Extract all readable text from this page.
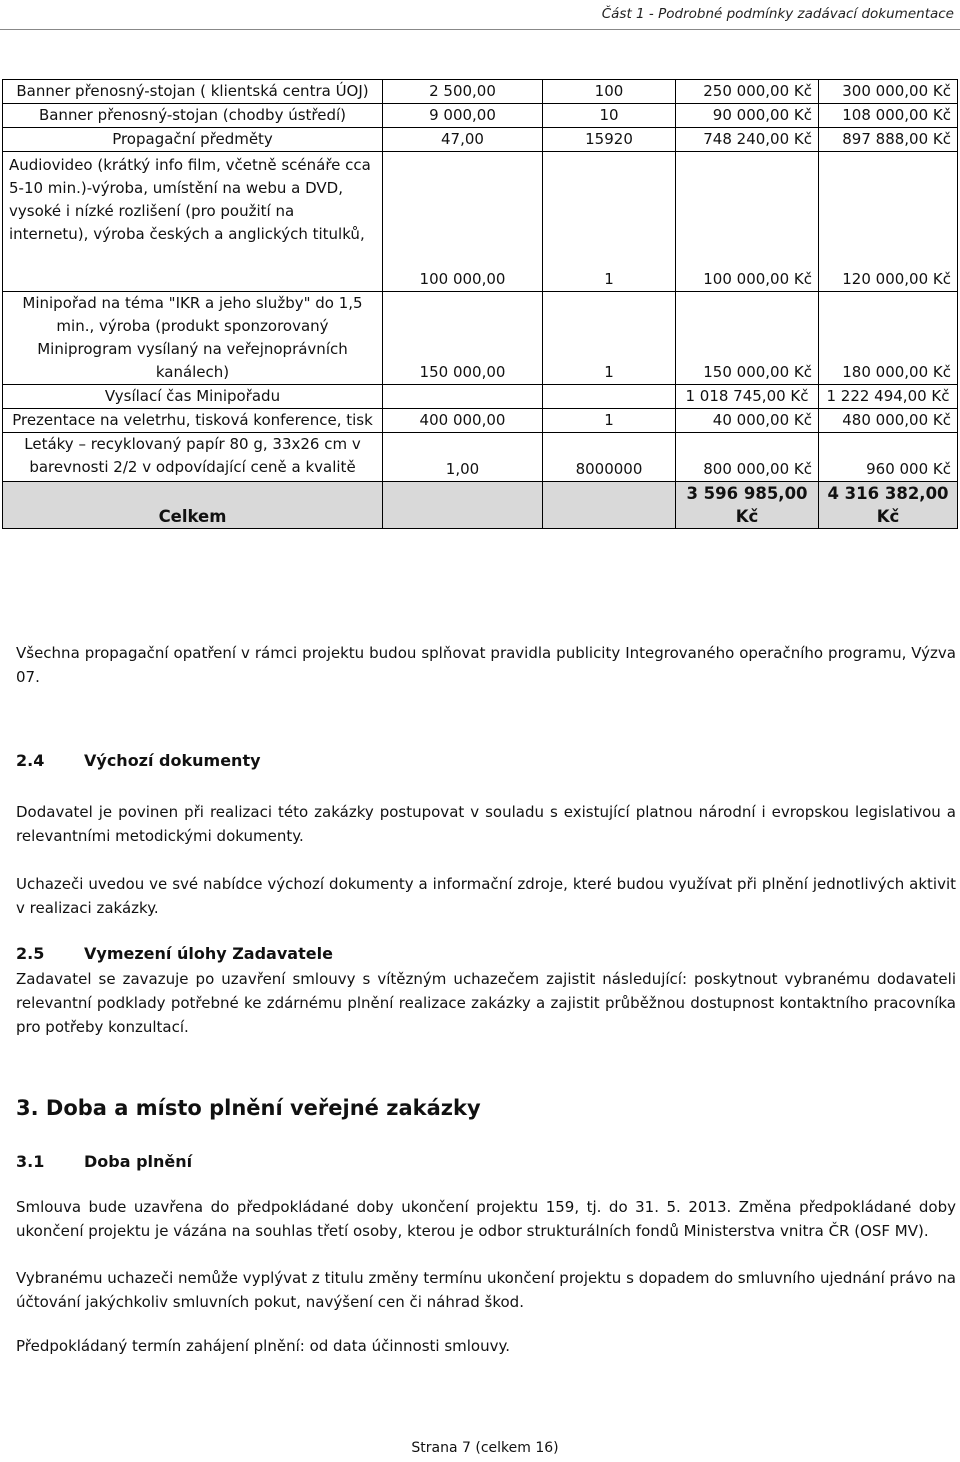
Část 1 - Podrobné podmínky zadávací dokumentace
Banner přenosný-stojan ( klientská centra ÚOJ)	2 500,00	100	250 000,00 Kč	300 000,00 Kč
Banner přenosný-stojan (chodby ústředí)	9 000,00	10	90 000,00 Kč	108 000,00 Kč
Propagační předměty	47,00	15920	748 240,00 Kč	897 888,00 Kč
Audiovideo (krátký info film, včetně scénáře cca 5-10 min.)-výroba, umístění na webu a DVD, vysoké i nízké rozlišení (pro použití na internetu), výroba českých a anglických titulků,	100 000,00	1	100 000,00 Kč	120 000,00 Kč
Minipořad na téma "IKR a jeho služby" do 1,5 min., výroba (produkt sponzorovaný Miniprogram vysílaný na veřejnoprávních kanálech)	150 000,00	1	150 000,00 Kč	180 000,00 Kč
Vysílací čas Minipořadu			1 018 745,00 Kč	1 222 494,00 Kč
Prezentace na veletrhu, tisková konference, tisk	400 000,00	1	40 000,00 Kč	480 000,00 Kč
Letáky – recyklovaný papír 80 g, 33x26 cm v barevnosti 2/2 v odpovídající ceně a kvalitě	1,00	8000000	800 000,00 Kč	960 000 Kč
Celkem			3 596 985,00 Kč	4 316 382,00 Kč

Všechna propagační opatření v rámci projektu budou splňovat pravidla publicity Integrovaného operačního programu, Výzva 07.

2.4 Výchozí dokumenty

Dodavatel je povinen při realizaci této zakázky postupovat v souladu s existující platnou národní i evropskou legislativou a relevantními metodickými dokumenty.

Uchazeči uvedou ve své nabídce výchozí dokumenty a informační zdroje, které budou využívat při plnění jednotlivých aktivit v realizaci zakázky.

2.5 Vymezení úlohy Zadavatele

Zadavatel se zavazuje po uzavření smlouvy s vítězným uchazečem zajistit následující: poskytnout vybranému dodavateli relevantní podklady potřebné ke zdárnému plnění realizace zakázky a zajistit průběžnou dostupnost kontaktního pracovníka pro potřeby konzultací.

3. Doba a místo plnění veřejné zakázky
3.1 Doba plnění

Smlouva bude uzavřena do předpokládané doby ukončení projektu 159, tj. do 31. 5. 2013. Změna předpokládané doby ukončení projektu je vázána na souhlas třetí osoby, kterou je odbor strukturálních fondů Ministerstva vnitra ČR (OSF MV).

Vybranému uchazeči nemůže vyplývat z titulu změny termínu ukončení projektu s dopadem do smluvního ujednání právo na účtování jakýchkoliv smluvních pokut, navýšení cen či náhrad škod.

Předpokládaný termín zahájení plnění: od data účinnosti smlouvy.

Strana 7 (celkem 16)
